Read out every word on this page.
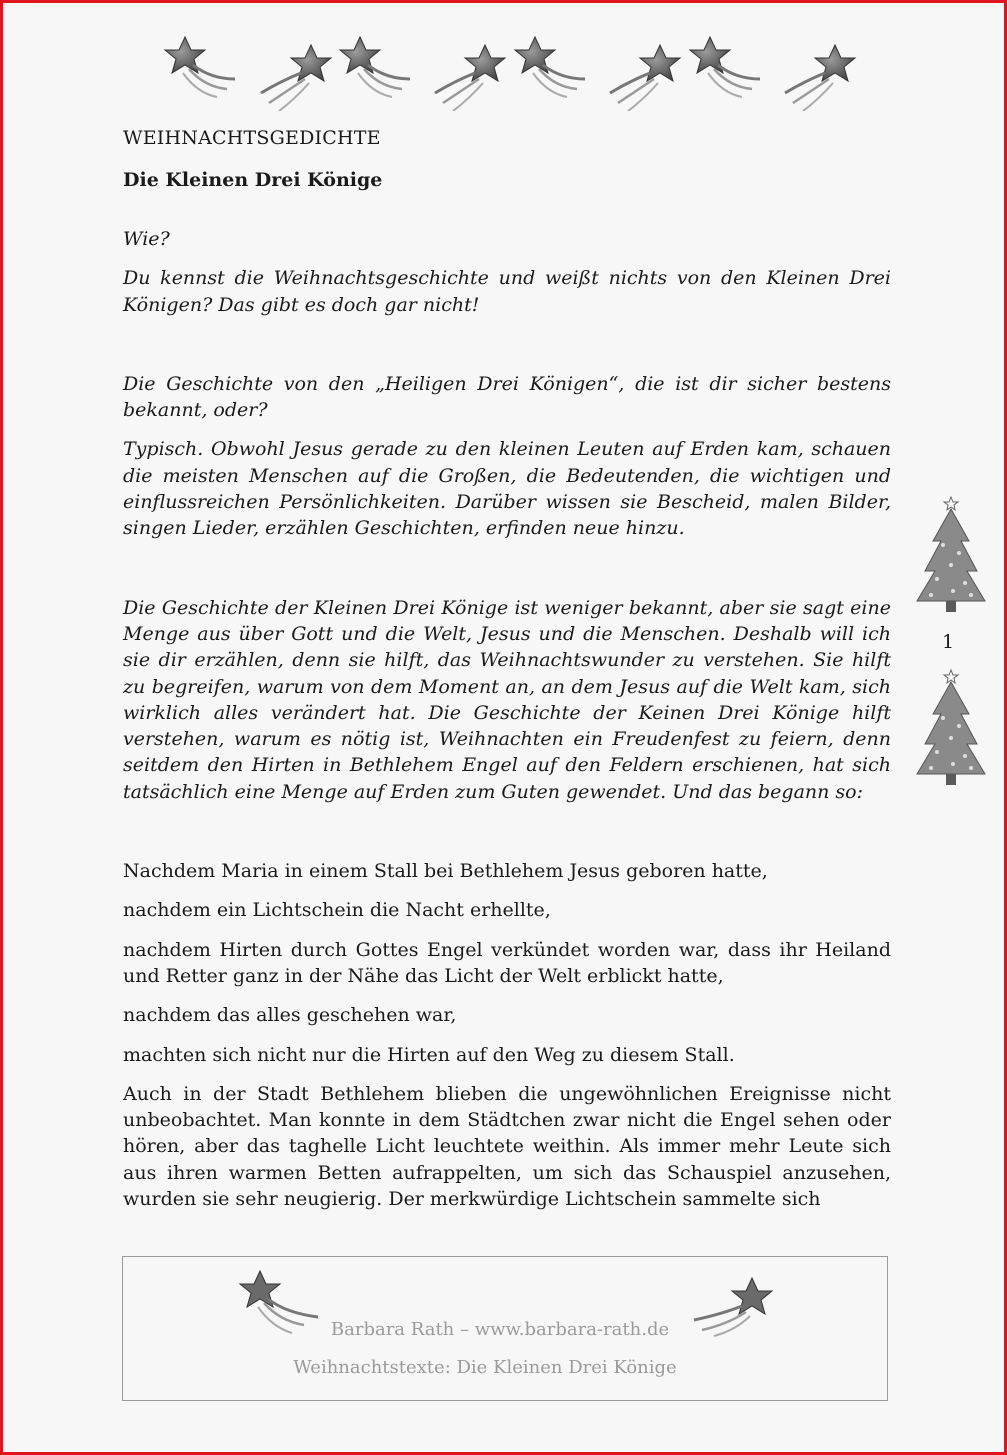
WEIHNACHTSGEDICHTE
Die Kleinen Drei Könige

Wie?

Du kennst die Weihnachtsgeschichte und weißt nichts von den Kleinen Drei Königen? Das gibt es doch gar nicht!

Die Geschichte von den „Heiligen Drei Königen“, die ist dir sicher bestens bekannt, oder?

Typisch. Obwohl Jesus gerade zu den kleinen Leuten auf Erden kam, schauen die meisten Menschen auf die Großen, die Bedeutenden, die wichtigen und einflussreichen Persönlichkeiten. Darüber wissen sie Bescheid, malen Bilder, singen Lieder, erzählen Geschichten, erfinden neue hinzu.

Die Geschichte der Kleinen Drei Könige ist weniger bekannt, aber sie sagt eine Menge aus über Gott und die Welt, Jesus und die Menschen. Deshalb will ich sie dir erzählen, denn sie hilft, das Weihnachtswunder zu verstehen. Sie hilft zu begreifen, warum von dem Moment an, an dem Jesus auf die Welt kam, sich wirklich alles verändert hat. Die Geschichte der Keinen Drei Könige hilft verstehen, warum es nötig ist, Weihnachten ein Freudenfest zu feiern, denn seitdem den Hirten in Bethlehem Engel auf den Feldern erschienen, hat sich tatsächlich eine Menge auf Erden zum Guten gewendet. Und das begann so:

Nachdem Maria in einem Stall bei Bethlehem Jesus geboren hatte,

nachdem ein Lichtschein die Nacht erhellte,

nachdem Hirten durch Gottes Engel verkündet worden war, dass ihr Heiland und Retter ganz in der Nähe das Licht der Welt erblickt hatte,

nachdem das alles geschehen war,

machten sich nicht nur die Hirten auf den Weg zu diesem Stall.

Auch in der Stadt Bethlehem blieben die ungewöhnlichen Ereignisse nicht unbeobachtet. Man konnte in dem Städtchen zwar nicht die Engel sehen oder hören, aber das taghelle Licht leuchtete weithin. Als immer mehr Leute sich aus ihren warmen Betten aufrappelten, um sich das Schauspiel anzusehen, wurden sie sehr neugierig. Der merkwürdige Lichtschein sammelte sich

1
Barbara Rath – www.barbara-rath.de
Weihnachtstexte: Die Kleinen Drei Könige
